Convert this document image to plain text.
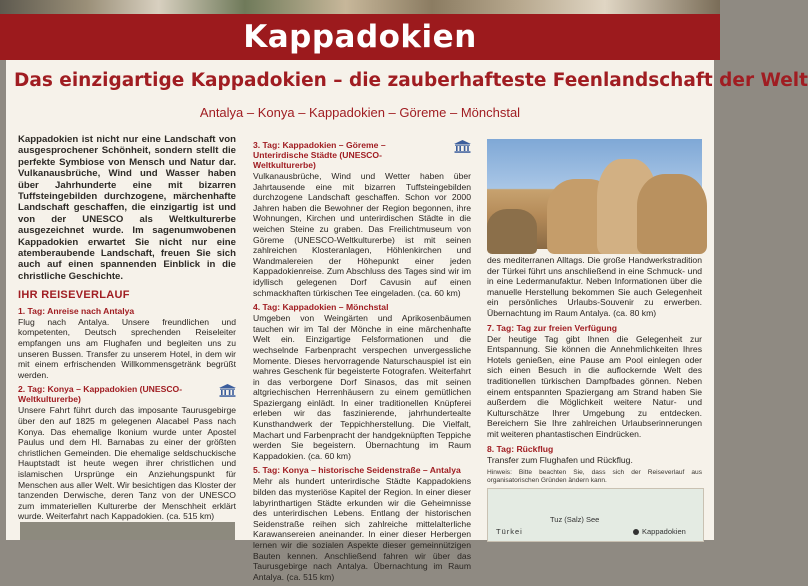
Kappadokien
Das einzigartige Kappadokien – die zauberhafteste Feenlandschaft der Welt
Antalya – Konya – Kappadokien – Göreme – Mönchstal

Kappadokien ist nicht nur eine Landschaft von ausgesprochener Schönheit, sondern stellt die perfekte Symbiose von Mensch und Natur dar. Vulkanausbrüche, Wind und Wasser haben über Jahrhunderte eine mit bizarren Tuffsteingebilden durchzogene, märchenhafte Landschaft geschaffen, die einzigartig ist und von der UNESCO als Weltkulturerbe ausgezeichnet wurde. Im sagenumwobenen Kappadokien erwartet Sie nicht nur eine atemberaubende Landschaft, freuen Sie sich auch auf einen spannenden Einblick in die christliche Geschichte.

IHR REISEVERLAUF
1. Tag: Anreise nach Antalya

Flug nach Antalya. Unsere freundlichen und kompetenten, Deutsch sprechenden Reiseleiter empfangen uns am Flughafen und begleiten uns zu unseren Bussen. Transfer zu unserem Hotel, in dem wir mit einem erfrischenden Willkommensgetränk begrüßt werden.

2. Tag: Konya – Kappadokien (UNESCO-Weltkulturerbe)

Unsere Fahrt führt durch das imposante Taurusgebirge über den auf 1825 m gelegenen Alacabel Pass nach Konya. Das ehemalige Ikonium wurde unter Apostel Paulus und dem Hl. Barnabas zu einer der größten christlichen Gemeinden. Die ehemalige seldschuckische Hauptstadt ist heute wegen ihrer christlichen und islamischen Ursprünge ein Anziehungspunkt für Menschen aus aller Welt. Wir besichtigen das Kloster der tanzenden Derwische, deren Tanz von der UNESCO zum immateriellen Kulturerbe der Menschheit erklärt wurde. Weiterfahrt nach Kappadokien. (ca. 515 km)

3. Tag: Kappadokien – Göreme – Unterirdische Städte (UNESCO-Weltkulturerbe)

Vulkanausbrüche, Wind und Wetter haben über Jahrtausende eine mit bizarren Tuffsteingebilden durchzogene Landschaft geschaffen. Schon vor 2000 Jahren haben die Bewohner der Region begonnen, ihre Wohnungen, Kirchen und unterirdischen Städte in die weichen Steine zu graben. Das Freilichtmuseum von Göreme (UNESCO-Weltkulturerbe) ist mit seinen zahlreichen Klosteranlagen, Höhlenkirchen und Wandmalereien der Höhepunkt einer jeden Kappadokienreise. Zum Abschluss des Tages sind wir im idyllisch gelegenen Dorf Cavusin auf einen schmackhaften türkischen Tee eingeladen. (ca. 60 km)

4. Tag: Kappadokien – Mönchstal

Umgeben von Weingärten und Aprikosenbäumen tauchen wir im Tal der Mönche in eine märchenhafte Welt ein. Einzigartige Felsformationen und die wechselnde Farbenpracht verspechen unvergessliche Momente. Dieses hervorragende Naturschauspiel ist ein wahres Geschenk für begeisterte Fotografen. Weiterfahrt in das verborgene Dorf Sinasos, das mit seinen altgriechischen Herrenhäusern zu einem gemütlichen Spaziergang einlädt. In einer traditionellen Knüpferei erleben wir das faszinierende, jahrhundertealte Kunsthandwerk der Teppichherstellung. Die Vielfalt, Machart und Farbenpracht der handgeknüpften Teppiche werden Sie begeistern. Übernachtung im Raum Kappadokien. (ca. 60 km)

5. Tag: Konya – historische Seidenstraße – Antalya

Mehr als hundert unterirdische Städte Kappadokiens bilden das mysteriöse Kapitel der Region. In einer dieser labyrinthartigen Städte erkunden wir die Geheimnisse des unterirdischen Lebens. Entlang der historischen Seidenstraße reihen sich zahlreiche mittelalterliche Karawansereien aneinander. In einer dieser Herbergen lernen wir die sozialen Aspekte dieser gemeinnützigen Bauten kennen. Anschließend fahren wir über das Taurusgebirge nach Antalya. Übernachtung im Raum Antalya. (ca. 515 km)

des mediterranen Alltags. Die große Handwerkstradition der Türkei führt uns anschließend in eine Schmuck- und in eine Ledermanufaktur. Neben Informationen über die manuelle Herstellung bekommen Sie auch Gelegenheit ein persönliches Urlaubs-Souvenir zu erwerben. Übernachtung im Raum Antalya. (ca. 80 km)

7. Tag: Tag zur freien Verfügung

Der heutige Tag gibt Ihnen die Gelegenheit zur Entspannung. Sie können die Annehmlichkeiten Ihres Hotels genießen, eine Pause am Pool einlegen oder sich einen Besuch in die auflockernde Welt des traditionellen türkischen Dampfbades gönnen. Neben einem entspannten Spaziergang am Strand haben Sie außerdem die Möglichkeit weitere Natur- und Kulturschätze Ihrer Umgebung zu entdecken. Bereichern Sie Ihre zahlreichen Urlaubserinnerungen mit weiteren phantastischen Eindrücken.

8. Tag: Rückflug

Transfer zum Flughafen und Rückflug.

Hinweis: Bitte beachten Sie, dass sich der Reiseverlauf aus organisatorischen Gründen ändern kann.

Tuz (Salz) See
Türkei	Kappadokien
